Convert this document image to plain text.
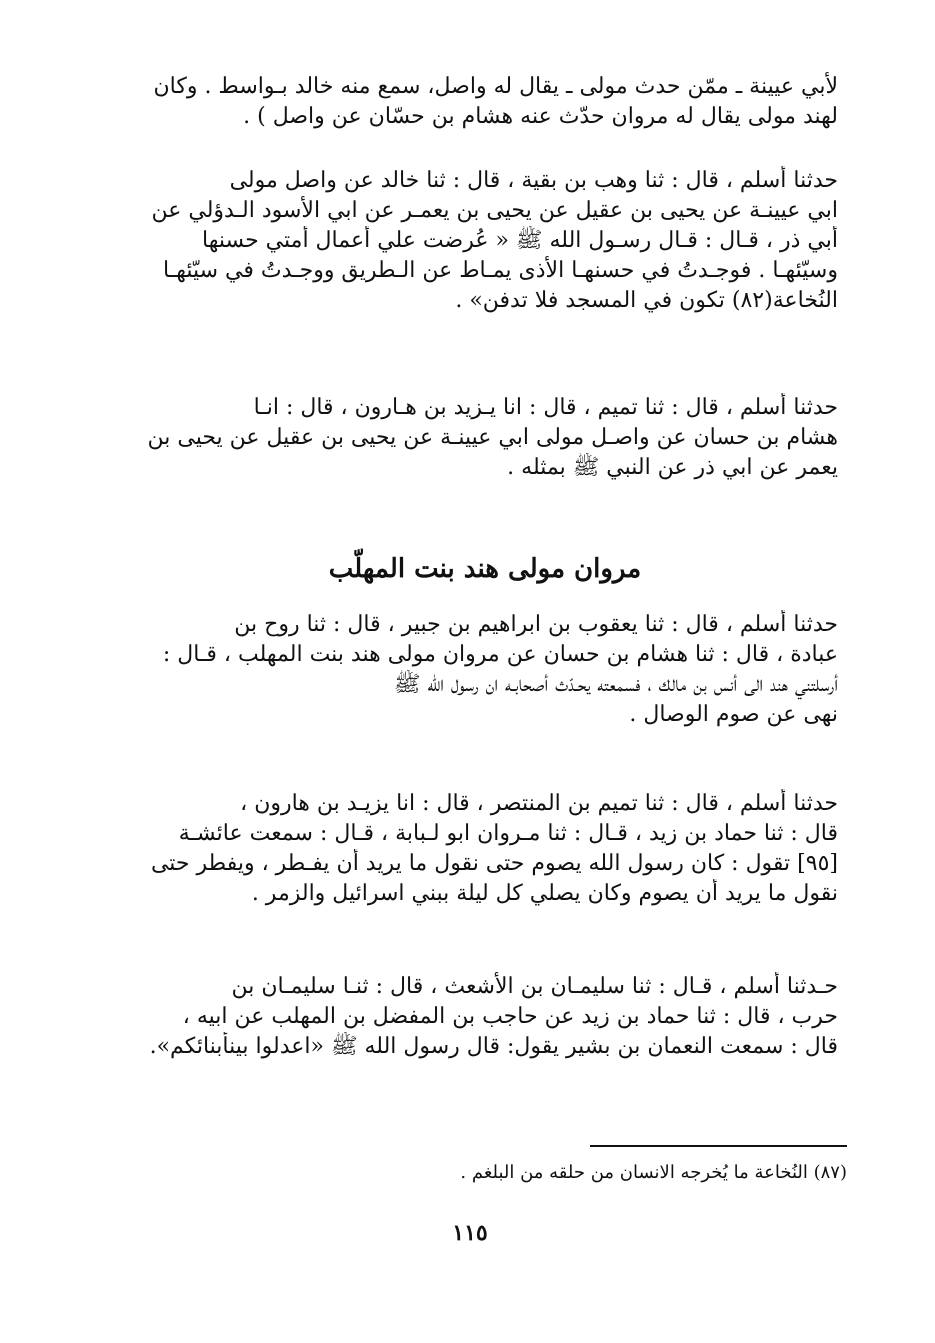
لأبي عيينة ـ ممّن حدث مولى ـ يقال له واصل، سمع منه خالد بـواسط . وكان
لهند مولى يقال له مروان حدّث عنه هشام بن حسّان عن واصل ) .
حدثنا أسلم ، قال : ثنا وهب بن بقية ، قال : ثنا خالد عن واصل مولى
ابي عيينـة عن يحيى بن عقيل عن يحيى بن يعمـر عن ابي الأسود الـدؤلي عن
أبي ذر ، قـال : قـال رسـول الله ﷺ « عُرضت علي أعمال أمتي حسنها
وسيّئهـا . فوجـدتُ في حسنهـا الأذى يمـاط عن الـطريق ووجـدتُ في سيّئهـا
النُخاعة(٨٢) تكون في المسجد فلا تدفن» .
حدثنا أسلم ، قال : ثنا تميم ، قال : انا يـزيد بن هـارون ، قال : انـا
هشام بن حسان عن واصـل مولى ابي عيينـة عن يحيى بن عقيل عن يحيى بن
يعمر عن ابي ذر عن النبي ﷺ بمثله .
مروان مولى هند بنت المهلّب
حدثنا أسلم ، قال : ثنا يعقوب بن ابراهيم بن جبير ، قال : ثنا روح بن
عبادة ، قال : ثنا هشام بن حسان عن مروان مولى هند بنت المهلب ، قـال :
أرسلتني هند الى أنس بن مالك ، فسمعته يحـدّث أصحابـه ان رسول الله ﷺ
نهى عن صوم الوصال .
حدثنا أسلم ، قال : ثنا تميم بن المنتصر ، قال : انا يزيـد بن هارون ،
قال : ثنا حماد بن زيد ، قـال : ثنا مـروان ابو لـبابة ، قـال : سمعت عائشـة
[٩٥] تقول : كان رسول الله يصوم حتى نقول ما يريد أن يفـطر ، ويفطر حتى
نقول ما يريد أن يصوم وكان يصلي كل ليلة ببني اسرائيل والزمر .
حـدثنا أسلم ، قـال : ثنا سليمـان بن الأشعث ، قال : ثنـا سليمـان بن
حرب ، قال : ثنا حماد بن زيد عن حاجب بن المفضل بن المهلب عن ابيه ،
قال : سمعت النعمان بن بشير يقول: قال رسول الله ﷺ «اعدلوا بينأبنائكم».
(٨٧) النُخاعة ما يُخرجه الانسان من حلقه من البلغم .
١١٥
